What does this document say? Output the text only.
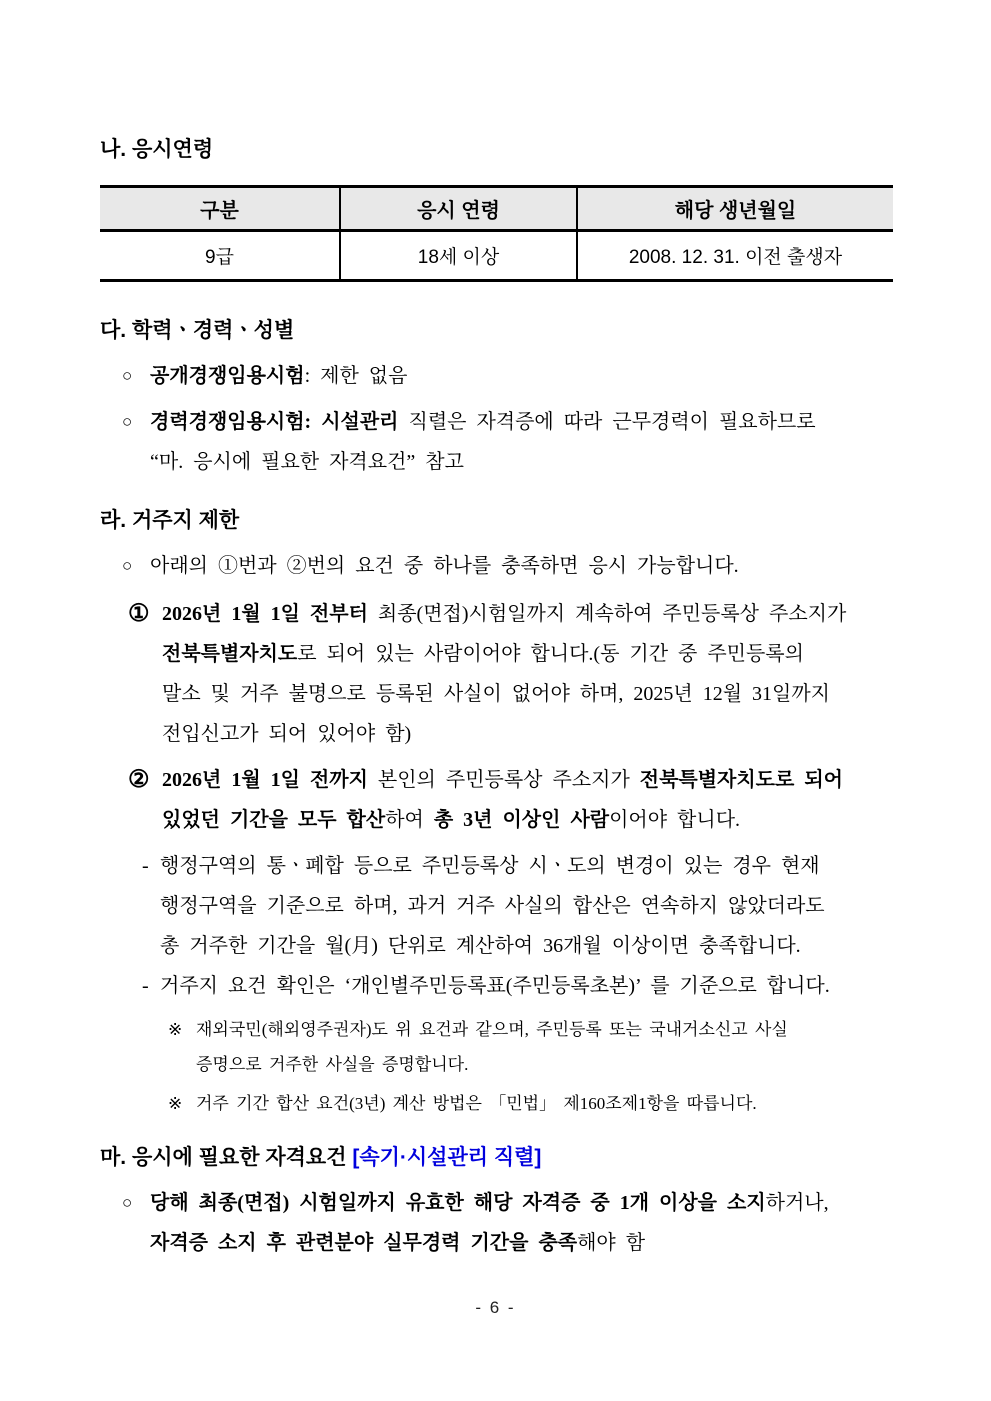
나. 응시연령
구분	응시 연령	해당 생년월일
9급	18세 이상	2008. 12. 31. 이전 출생자
다. 학력ㆍ경력ㆍ성별
○ 공개경쟁임용시험: 제한 없음
○ 경력경쟁임용시험: 시설관리 직렬은 자격증에 따라 근무경력이 필요하므로
“마. 응시에 필요한 자격요건” 참고
라. 거주지 제한
○ 아래의 ①번과 ②번의 요건 중 하나를 충족하면 응시 가능합니다.
① 2026년 1월 1일 전부터 최종(면접)시험일까지 계속하여 주민등록상 주소지가
전북특별자치도로 되어 있는 사람이어야 합니다.(동 기간 중 주민등록의
말소 및 거주 불명으로 등록된 사실이 없어야 하며, 2025년 12월 31일까지
전입신고가 되어 있어야 함)
② 2026년 1월 1일 전까지 본인의 주민등록상 주소지가 전북특별자치도로 되어
있었던 기간을 모두 합산하여 총 3년 이상인 사람이어야 합니다.
- 행정구역의 통ㆍ폐합 등으로 주민등록상 시ㆍ도의 변경이 있는 경우 현재
행정구역을 기준으로 하며, 과거 거주 사실의 합산은 연속하지 않았더라도
총 거주한 기간을 월(月) 단위로 계산하여 36개월 이상이면 충족합니다.
- 거주지 요건 확인은 ‘개인별주민등록표(주민등록초본)’ 를 기준으로 합니다.
※ 재외국민(해외영주권자)도 위 요건과 같으며, 주민등록 또는 국내거소신고 사실
증명으로 거주한 사실을 증명합니다.
※ 거주 기간 합산 요건(3년) 계산 방법은 「민법」 제160조제1항을 따릅니다.
마. 응시에 필요한 자격요건 [속기·시설관리 직렬]
○ 당해 최종(면접) 시험일까지 유효한 해당 자격증 중 1개 이상을 소지하거나,
자격증 소지 후 관련분야 실무경력 기간을 충족해야 함
- 6 -
